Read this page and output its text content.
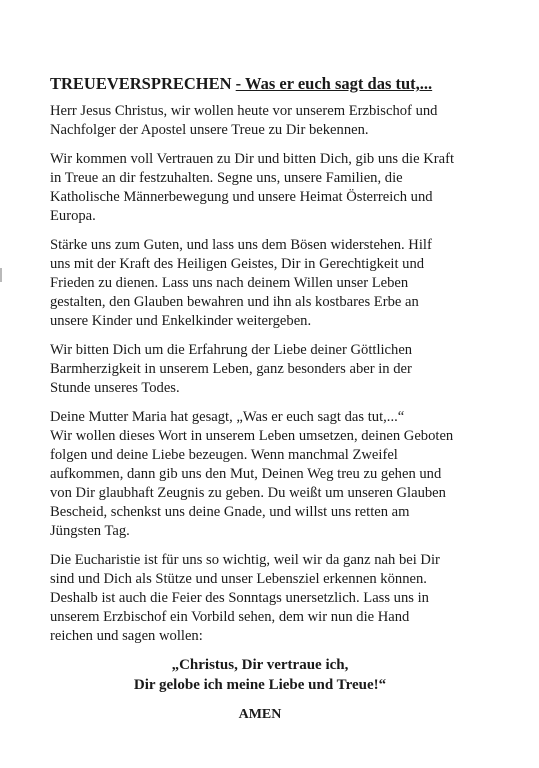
TREUEVERSPRECHEN - Was er euch sagt das tut,...
Herr Jesus Christus, wir wollen heute vor unserem Erzbischof und
Nachfolger der Apostel unsere Treue zu Dir bekennen.
Wir kommen voll Vertrauen zu Dir und bitten Dich, gib uns die Kraft
in Treue an dir festzuhalten. Segne uns, unsere Familien, die
Katholische Männerbewegung und unsere Heimat Österreich und
Europa.
Stärke uns zum Guten, und lass uns dem Bösen widerstehen. Hilf
uns mit der Kraft des Heiligen Geistes, Dir in Gerechtigkeit und
Frieden zu dienen. Lass uns nach deinem Willen unser Leben
gestalten, den Glauben bewahren und ihn als kostbares Erbe an
unsere Kinder und Enkelkinder weitergeben.
Wir bitten Dich um die Erfahrung der Liebe deiner Göttlichen
Barmherzigkeit in unserem Leben, ganz besonders aber in der
Stunde unseres Todes.
Deine Mutter Maria hat gesagt, „Was er euch sagt das tut,...“
Wir wollen dieses Wort in unserem Leben umsetzen, deinen Geboten
folgen und deine Liebe bezeugen. Wenn manchmal Zweifel
aufkommen, dann gib uns den Mut, Deinen Weg treu zu gehen und
von Dir glaubhaft Zeugnis zu geben. Du weißt um unseren Glauben
Bescheid, schenkst uns deine Gnade, und willst uns retten am
Jüngsten Tag.
Die Eucharistie ist für uns so wichtig, weil wir da ganz nah bei Dir
sind und Dich als Stütze und unser Lebensziel erkennen können.
Deshalb ist auch die Feier des Sonntags unersetzlich. Lass uns in
unserem Erzbischof ein Vorbild sehen, dem wir nun die Hand
reichen und sagen wollen:
„Christus, Dir vertraue ich,
Dir gelobe ich meine Liebe und Treue!“
AMEN
